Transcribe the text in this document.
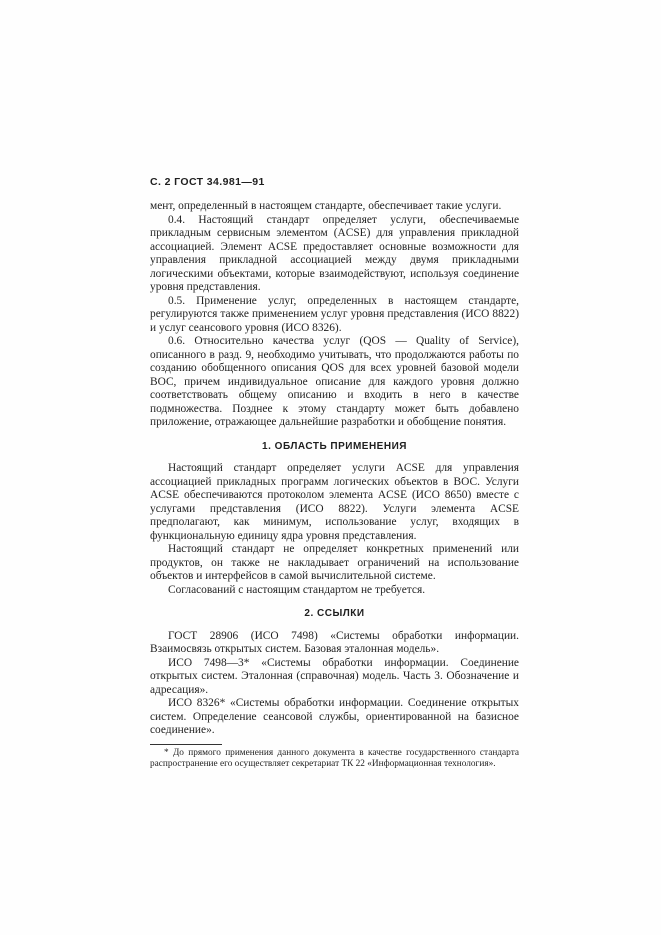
С. 2 ГОСТ 34.981—91

мент, определенный в настоящем стандарте, обеспечивает такие услуги.

0.4. Настоящий стандарт определяет услуги, обеспечиваемые прикладным сервисным элементом (ACSE) для управления прикладной ассоциацией. Элемент ACSE предоставляет основные возможности для управления прикладной ассоциацией между двумя прикладными логическими объектами, которые взаимодействуют, используя соединение уровня представления.

0.5. Применение услуг, определенных в настоящем стандарте, регулируются также применением услуг уровня представления (ИСО 8822) и услуг сеансового уровня (ИСО 8326).

0.6. Относительно качества услуг (QOS — Quality of Service), описанного в разд. 9, необходимо учитывать, что продолжаются работы по созданию обобщенного описания QOS для всех уровней базовой модели ВОС, причем индивидуальное описание для каждого уровня должно соответствовать общему описанию и входить в него в качестве подмножества. Позднее к этому стандарту может быть добавлено приложение, отражающее дальнейшие разработки и обобщение понятия.

1. ОБЛАСТЬ ПРИМЕНЕНИЯ

Настоящий стандарт определяет услуги ACSE для управления ассоциацией прикладных программ логических объектов в ВОС. Услуги ACSE обеспечиваются протоколом элемента ACSE (ИСО 8650) вместе с услугами представления (ИСО 8822). Услуги элемента ACSE предполагают, как минимум, использование услуг, входящих в функциональную единицу ядра уровня представления.

Настоящий стандарт не определяет конкретных применений или продуктов, он также не накладывает ограничений на использование объектов и интерфейсов в самой вычислительной системе.

Согласований с настоящим стандартом не требуется.

2. ССЫЛКИ

ГОСТ 28906 (ИСО 7498) «Системы обработки информации. Взаимосвязь открытых систем. Базовая эталонная модель».

ИСО 7498—3* «Системы обработки информации. Соединение открытых систем. Эталонная (справочная) модель. Часть 3. Обозначение и адресация».

ИСО 8326* «Системы обработки информации. Соединение открытых систем. Определение сеансовой службы, ориентированной на базисное соединение».

* До прямого применения данного документа в качестве государственного стандарта распространение его осуществляет секретариат ТК 22 «Информационная технология».
